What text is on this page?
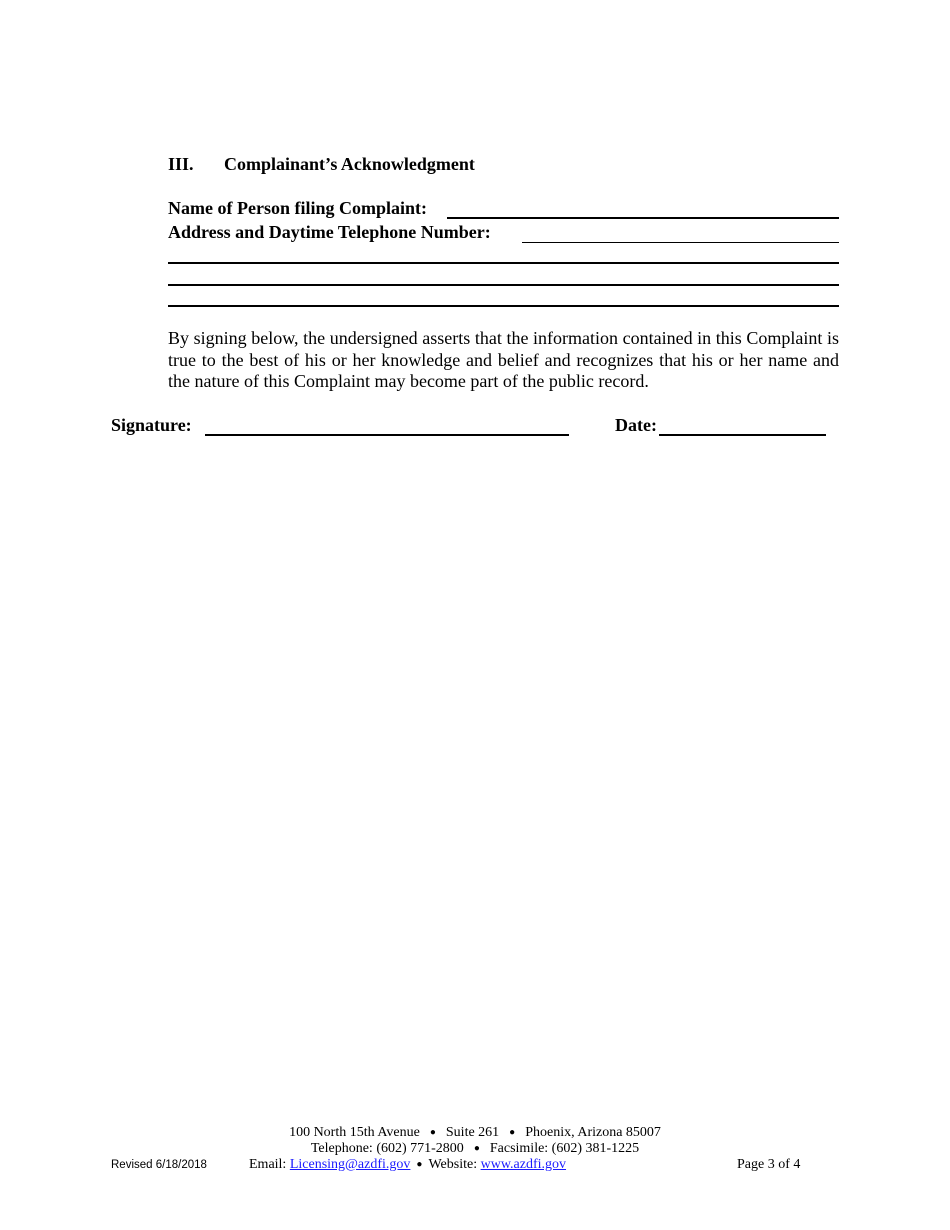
III. Complainant’s Acknowledgment
Name of Person filing Complaint:
Address and Daytime Telephone Number:
By signing below, the undersigned asserts that the information contained in this Complaint is true to the best of his or her knowledge and belief and recognizes that his or her name and the nature of this Complaint may become part of the public record.
Signature:	Date:
100 North 15th Avenue ● Suite 261 ● Phoenix, Arizona 85007
Telephone: (602) 771-2800 ● Facsimile: (602) 381-1225
Revised 6/18/2018	Email: Licensing@azdfi.gov ● Website: www.azdfi.gov	Page 3 of 4
